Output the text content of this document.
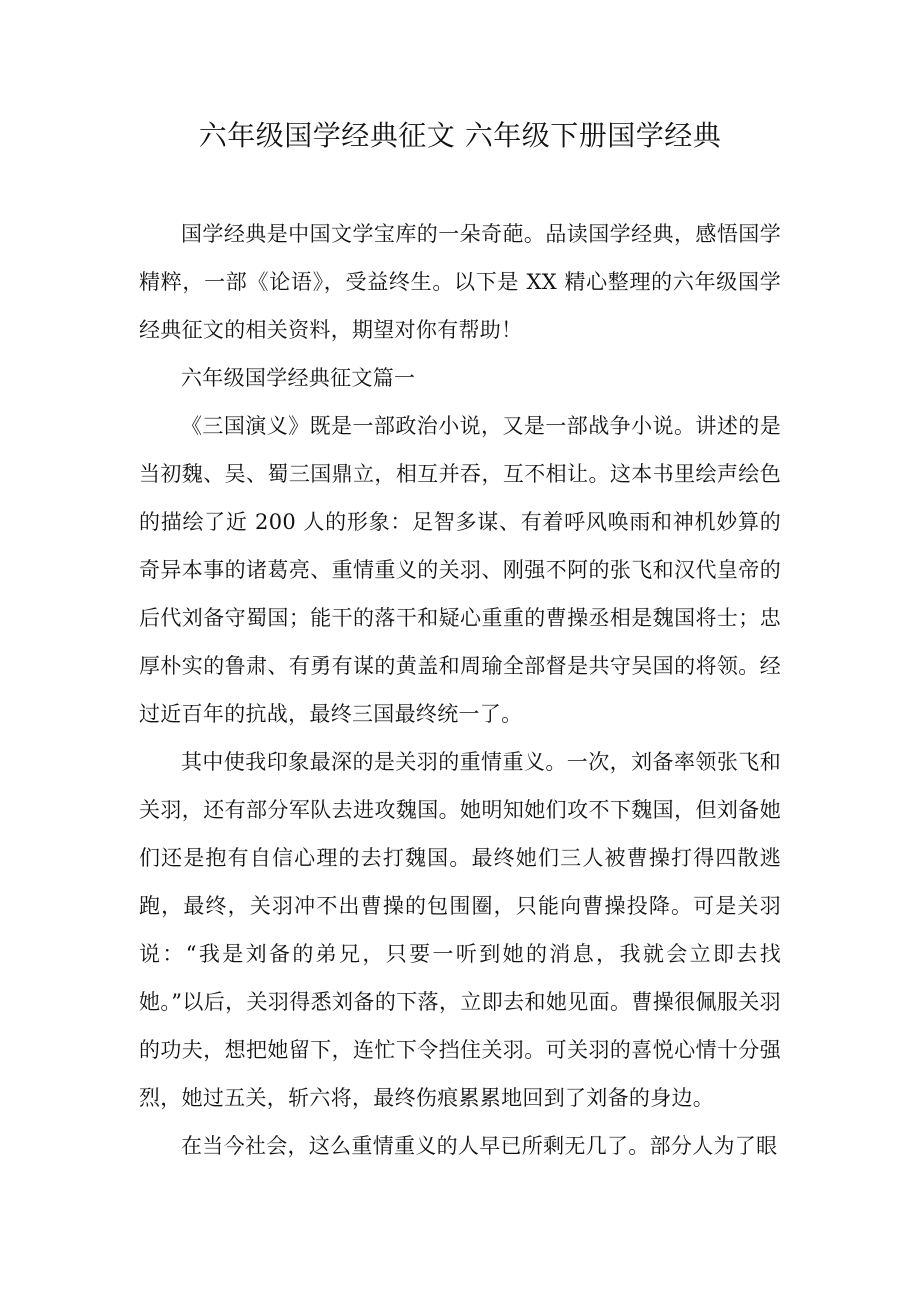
六年级国学经典征文 六年级下册国学经典

国学经典是中国文学宝库的一朵奇葩。品读国学经典，感悟国学精粹，一部《论语》，受益终生。以下是 XX 精心整理的六年级国学经典征文的相关资料，期望对你有帮助！

六年级国学经典征文篇一

《三国演义》既是一部政治小说，又是一部战争小说。讲述的是当初魏、吴、蜀三国鼎立，相互并吞，互不相让。这本书里绘声绘色的描绘了近 200 人的形象：足智多谋、有着呼风唤雨和神机妙算的奇异本事的诸葛亮、重情重义的关羽、刚强不阿的张飞和汉代皇帝的后代刘备守蜀国；能干的落干和疑心重重的曹操丞相是魏国将士；忠厚朴实的鲁肃、有勇有谋的黄盖和周瑜全部督是共守吴国的将领。经过近百年的抗战，最终三国最终统一了。

其中使我印象最深的是关羽的重情重义。一次，刘备率领张飞和关羽，还有部分军队去进攻魏国。她明知她们攻不下魏国，但刘备她们还是抱有自信心理的去打魏国。最终她们三人被曹操打得四散逃跑，最终，关羽冲不出曹操的包围圈，只能向曹操投降。可是关羽说：“我是刘备的弟兄，只要一听到她的消息，我就会立即去找她。”以后，关羽得悉刘备的下落，立即去和她见面。曹操很佩服关羽的功夫，想把她留下，连忙下令挡住关羽。可关羽的喜悦心情十分强烈，她过五关，斩六将，最终伤痕累累地回到了刘备的身边。

在当今社会，这么重情重义的人早已所剩无几了。部分人为了眼
